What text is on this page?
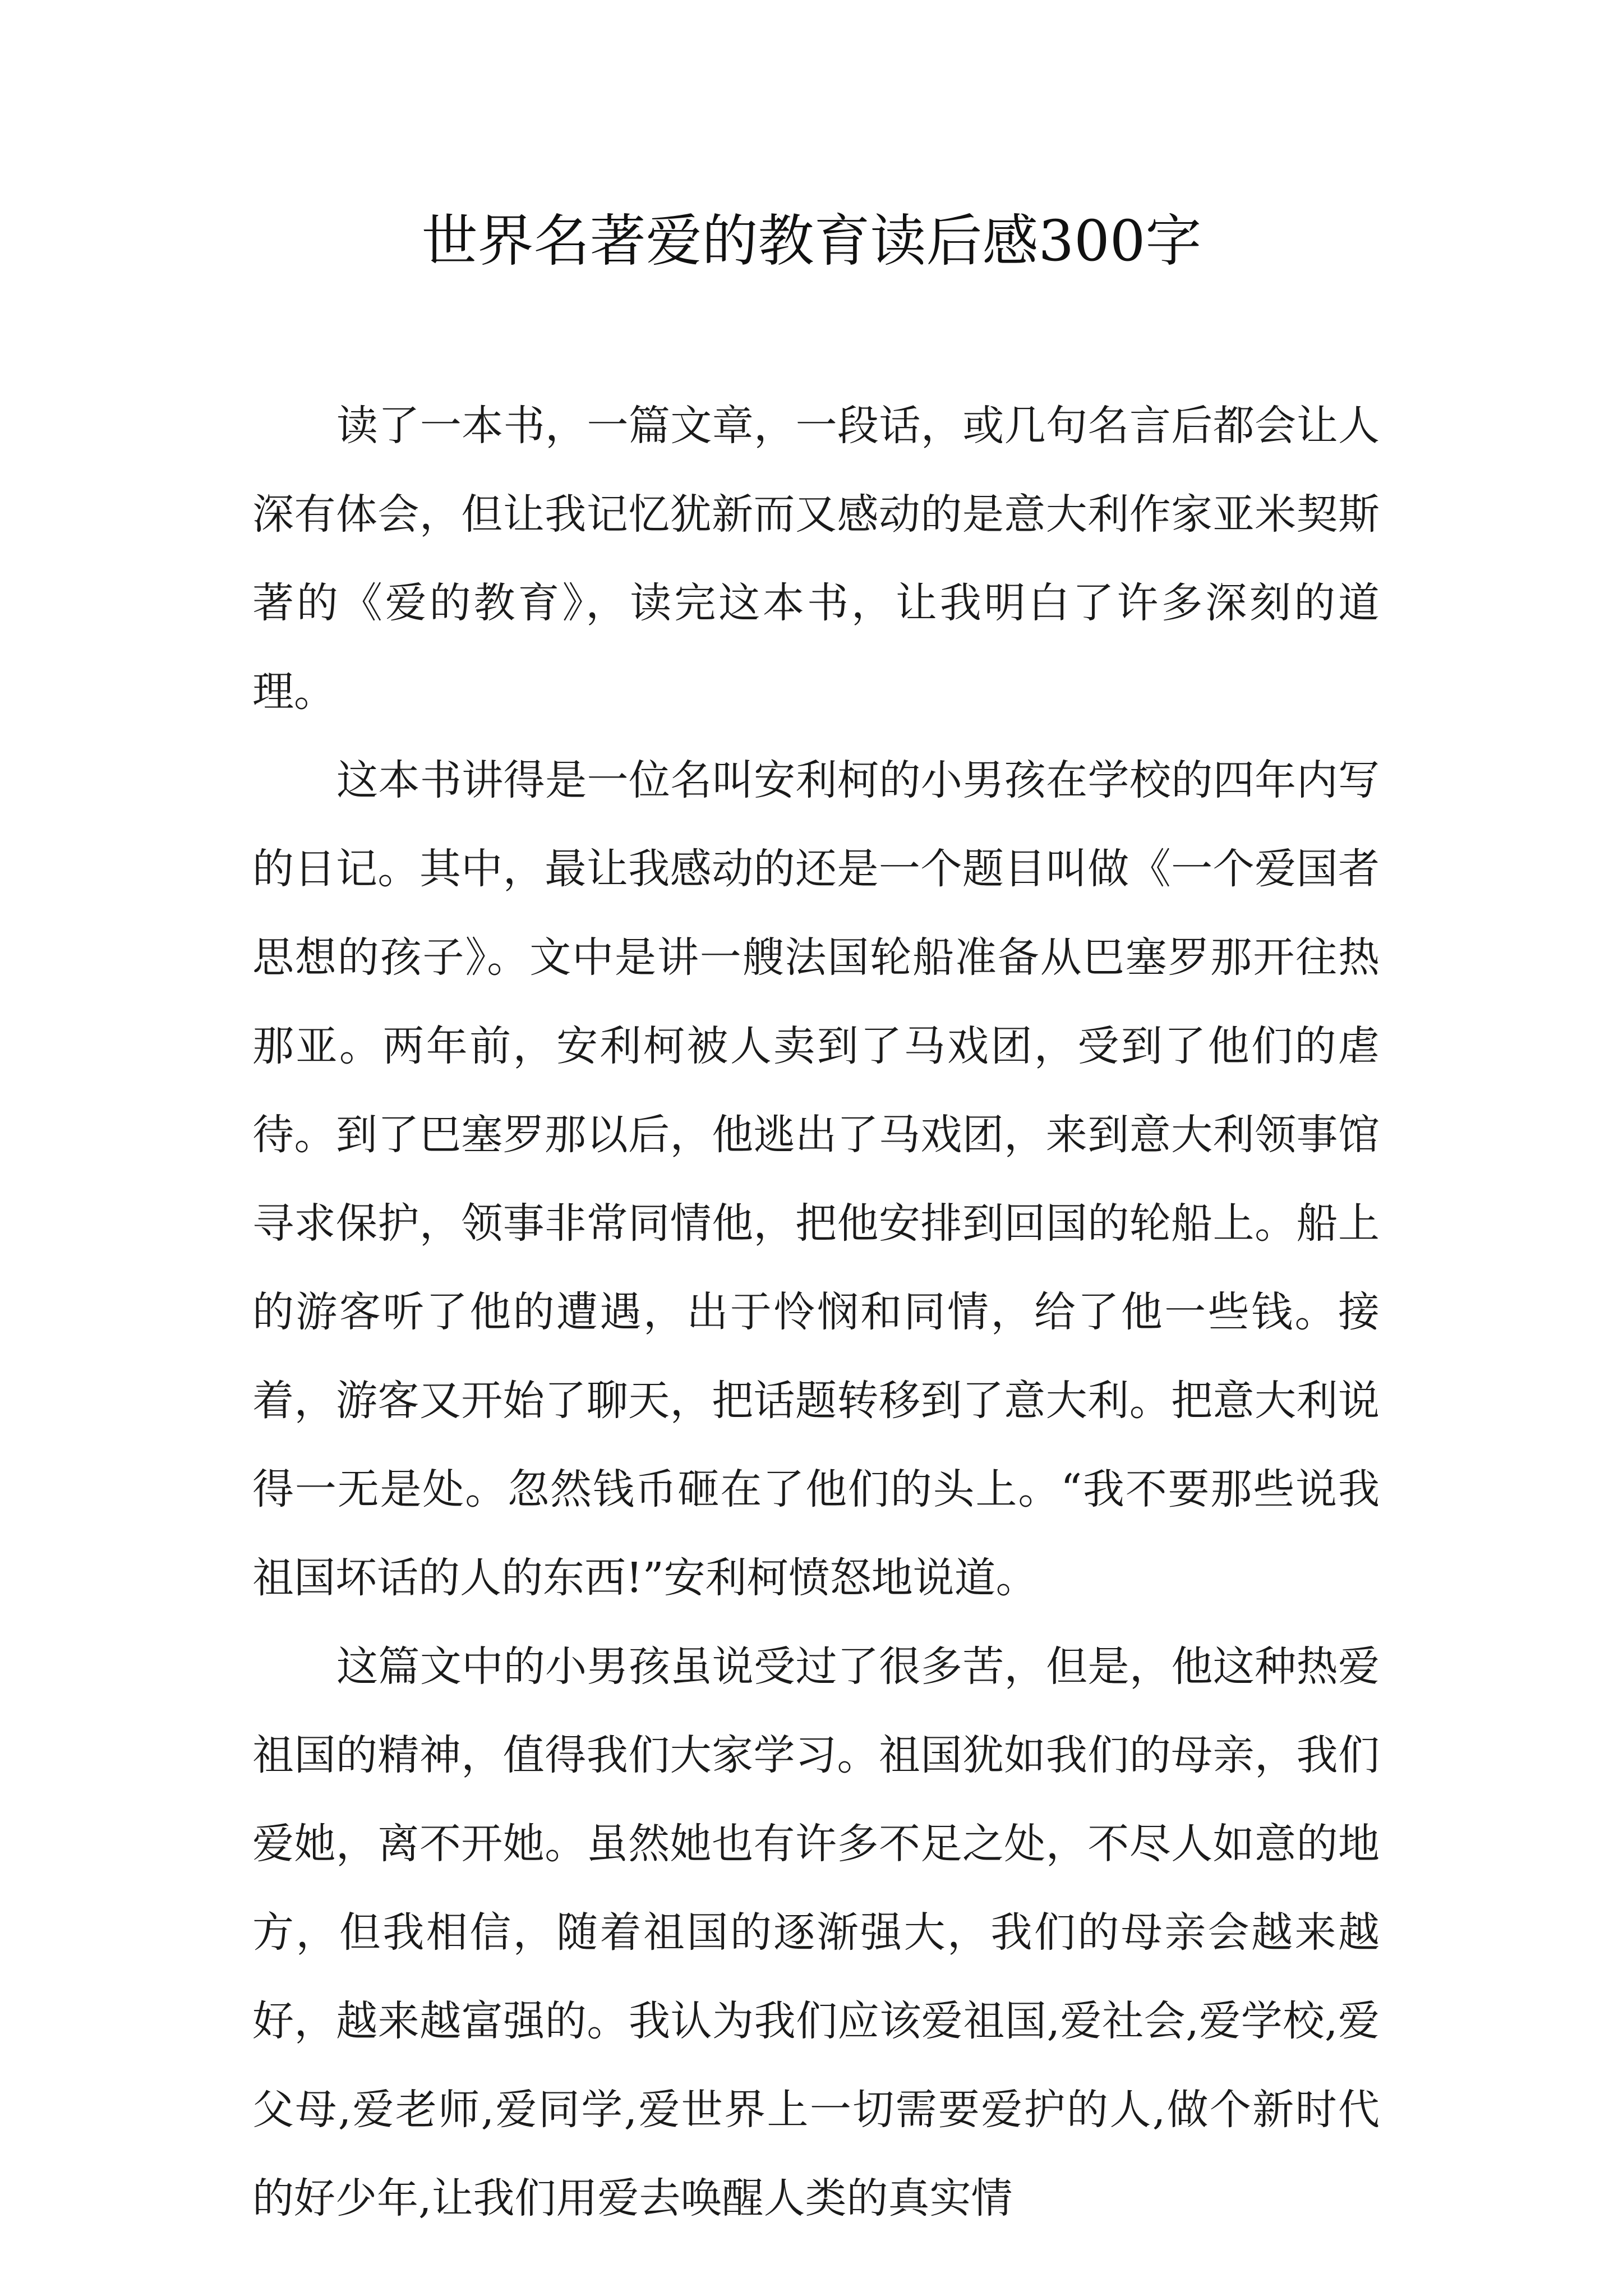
世界名著爱的教育读后感300字

读了一本书，一篇文章，一段话，或几句名言后都会让人深有体会，但让我记忆犹新而又感动的是意大利作家亚米契斯著的《爱的教育》，读完这本书，让我明白了许多深刻的道理。

这本书讲得是一位名叫安利柯的小男孩在学校的四年内写的日记。其中，最让我感动的还是一个题目叫做《一个爱国者思想的孩子》。文中是讲一艘法国轮船准备从巴塞罗那开往热那亚。两年前，安利柯被人卖到了马戏团，受到了他们的虐待。到了巴塞罗那以后，他逃出了马戏团，来到意大利领事馆寻求保护，领事非常同情他，把他安排到回国的轮船上。船上的游客听了他的遭遇，出于怜悯和同情，给了他一些钱。接着，游客又开始了聊天，把话题转移到了意大利。把意大利说得一无是处。忽然钱币砸在了他们的头上。“我不要那些说我祖国坏话的人的东西!”安利柯愤怒地说道。

这篇文中的小男孩虽说受过了很多苦，但是，他这种热爱祖国的精神，值得我们大家学习。祖国犹如我们的母亲，我们爱她，离不开她。虽然她也有许多不足之处，不尽人如意的地方，但我相信，随着祖国的逐渐强大，我们的母亲会越来越好，越来越富强的。我认为我们应该爱祖国,爱社会,爱学校,爱父母,爱老师,爱同学,爱世界上一切需要爱护的人,做个新时代的好少年,让我们用爱去唤醒人类的真实情
